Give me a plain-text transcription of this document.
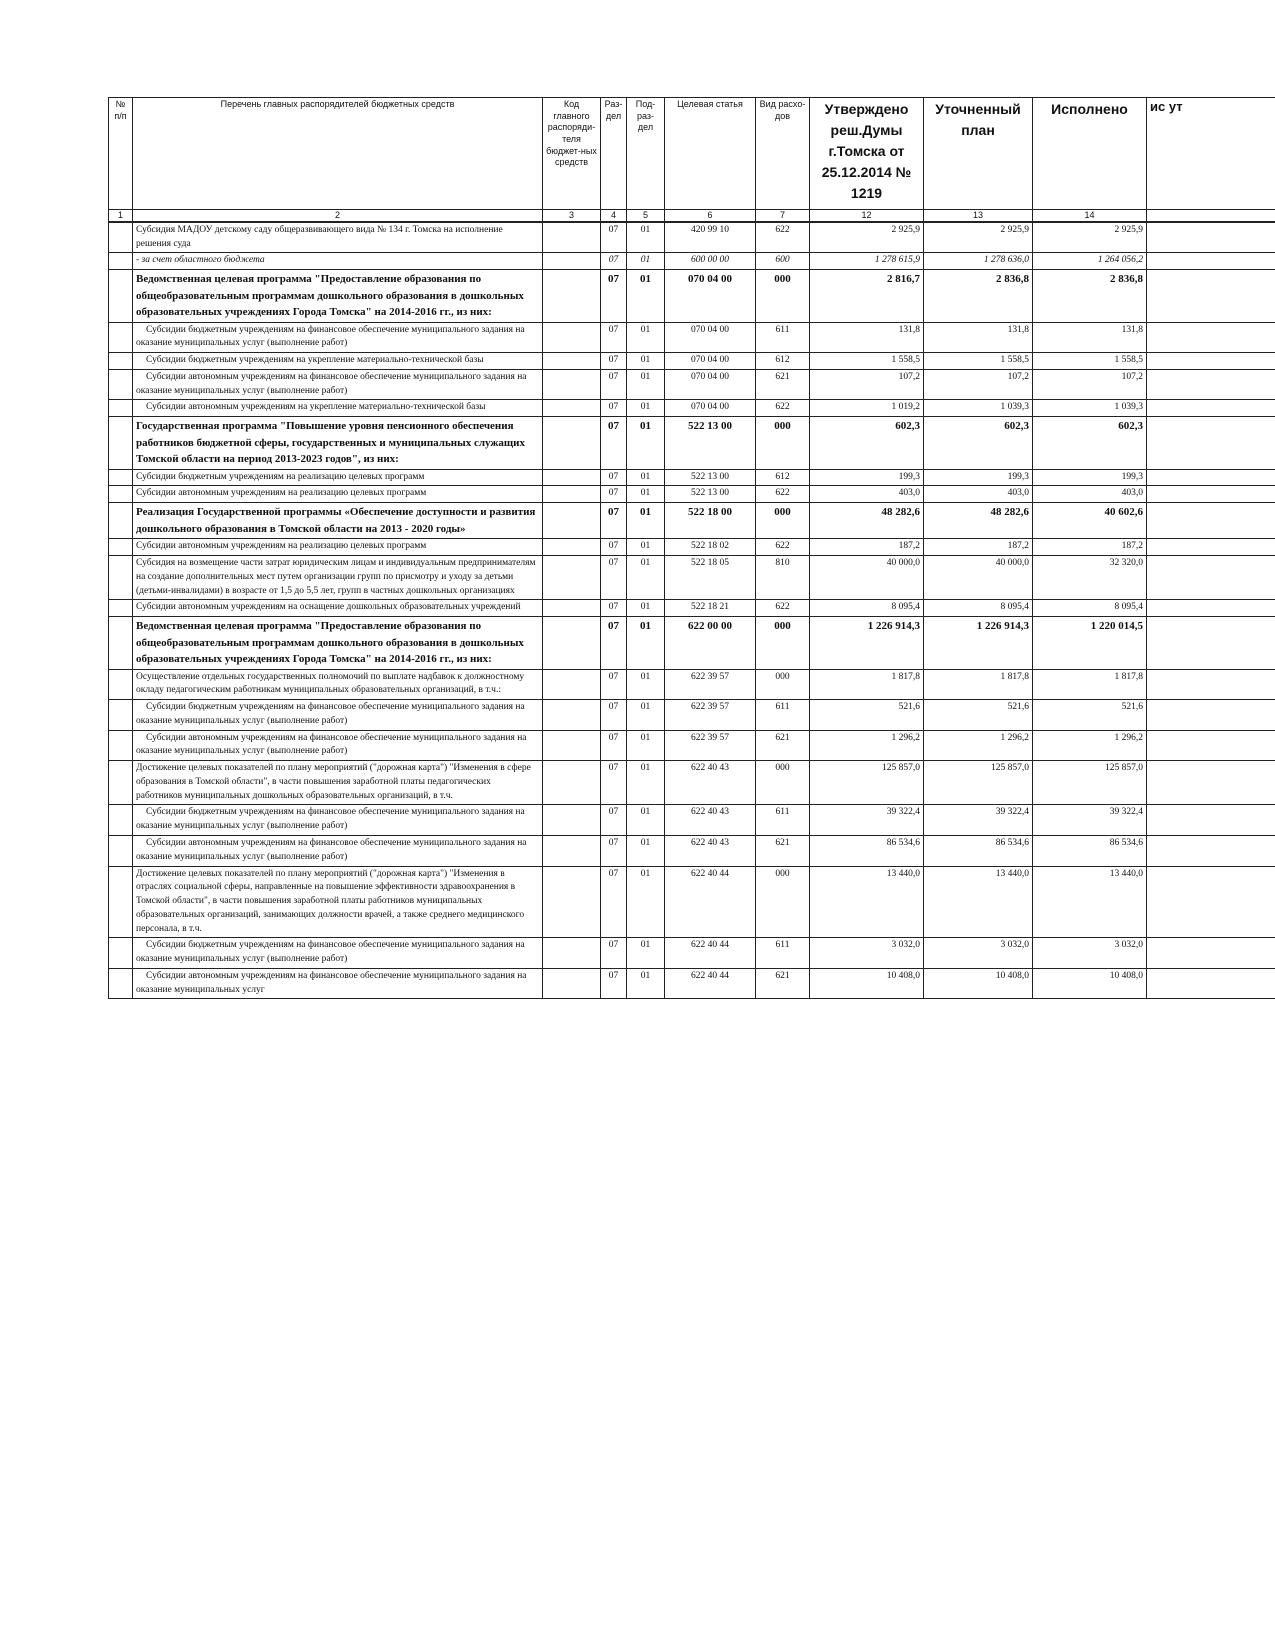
№ п/п	Перечень главных распорядителей бюджетных средств	Код главного распоряди-теля бюджет-ных средств	Раз-дел	Под-раз-дел	Целевая статья	Вид расхо-дов	Утверждено реш.Думы г.Томска от 25.12.2014 № 1219	Уточненный план	Исполнено	ис ут
1	2	3	4	5	6	7	12	13	14	
	Субсидия МАДОУ детскому саду общеразвивающего вида № 134 г. Томска на исполнение решения суда		07	01	420 99 10	622	2 925,9	2 925,9	2 925,9	
	- за счет областного бюджета		07	01	600 00 00	600	1 278 615,9	1 278 636,0	1 264 056,2	
	Ведомственная целевая программа "Предоставление образования по общеобразовательным программам дошкольного образования в дошкольных образовательных учреждениях Города Томска" на 2014-2016 гг., из них:		07	01	070 04 00	000	2 816,7	2 836,8	2 836,8	
	Субсидии бюджетным учреждениям на финансовое обеспечение муниципального задания на оказание муниципальных услуг (выполнение работ)		07	01	070 04 00	611	131,8	131,8	131,8	
	Субсидии бюджетным учреждениям на укрепление материально-технической базы		07	01	070 04 00	612	1 558,5	1 558,5	1 558,5	
	Субсидии автономным учреждениям на финансовое обеспечение муниципального задания на оказание муниципальных услуг (выполнение работ)		07	01	070 04 00	621	107,2	107,2	107,2	
	Субсидии автономным учреждениям на укрепление материально-технической базы		07	01	070 04 00	622	1 019,2	1 039,3	1 039,3	
	Государственная программа "Повышение уровня пенсионного обеспечения работников бюджетной сферы, государственных и муниципальных служащих Томской области на период 2013-2023 годов", из них:		07	01	522 13 00	000	602,3	602,3	602,3	
	Субсидии бюджетным учреждениям на реализацию целевых программ		07	01	522 13 00	612	199,3	199,3	199,3	
	Субсидии автономным учреждениям на реализацию целевых программ		07	01	522 13 00	622	403,0	403,0	403,0	
	Реализация Государственной программы «Обеспечение доступности и развития дошкольного образования в Томской области на 2013 - 2020 годы»		07	01	522 18 00	000	48 282,6	48 282,6	40 602,6	
	Субсидии автономным учреждениям на реализацию целевых программ		07	01	522 18 02	622	187,2	187,2	187,2	
	Субсидия на возмещение части затрат юридическим лицам и индивидуальным предпринимателям на создание дополнительных мест путем организации групп по присмотру и уходу за детьми (детьми-инвалидами) в возрасте от 1,5 до 5,5 лет, групп в частных дошкольных организациях		07	01	522 18 05	810	40 000,0	40 000,0	32 320,0	
	Субсидии автономным учреждениям на оснащение дошкольных образовательных учреждений		07	01	522 18 21	622	8 095,4	8 095,4	8 095,4	
	Ведомственная целевая программа "Предоставление образования по общеобразовательным программам дошкольного образования в дошкольных образовательных учреждениях Города Томска" на 2014-2016 гг., из них:		07	01	622 00 00	000	1 226 914,3	1 226 914,3	1 220 014,5	
	Осуществление отдельных государственных полномочий по выплате надбавок к должностному окладу педагогическим работникам муниципальных образовательных организаций, в т.ч.:		07	01	622 39 57	000	1 817,8	1 817,8	1 817,8	
	Субсидии бюджетным учреждениям на финансовое обеспечение муниципального задания на оказание муниципальных услуг (выполнение работ)		07	01	622 39 57	611	521,6	521,6	521,6	
	Субсидии автономным учреждениям на финансовое обеспечение муниципального задания на оказание муниципальных услуг (выполнение работ)		07	01	622 39 57	621	1 296,2	1 296,2	1 296,2	
	Достижение целевых показателей по плану мероприятий ("дорожная карта") "Изменения в сфере образования в Томской области", в части повышения заработной платы педагогических работников муниципальных дошкольных образовательных организаций, в т.ч.		07	01	622 40 43	000	125 857,0	125 857,0	125 857,0	
	Субсидии бюджетным учреждениям на финансовое обеспечение муниципального задания на оказание муниципальных услуг (выполнение работ)		07	01	622 40 43	611	39 322,4	39 322,4	39 322,4	
	Субсидии автономным учреждениям на финансовое обеспечение муниципального задания на оказание муниципальных услуг (выполнение работ)		07	01	622 40 43	621	86 534,6	86 534,6	86 534,6	
	Достижение целевых показателей по плану мероприятий ("дорожная карта") "Изменения в отраслях социальной сферы, направленные на повышение эффективности здравоохранения в Томской области", в части повышения заработной платы работников муниципальных образовательных организаций, занимающих должности врачей, а также среднего медицинского персонала, в т.ч.		07	01	622 40 44	000	13 440,0	13 440,0	13 440,0	
	Субсидии бюджетным учреждениям на финансовое обеспечение муниципального задания на оказание муниципальных услуг (выполнение работ)		07	01	622 40 44	611	3 032,0	3 032,0	3 032,0	
	Субсидии автономным учреждениям на финансовое обеспечение муниципального задания на оказание муниципальных услуг		07	01	622 40 44	621	10 408,0	10 408,0	10 408,0	
